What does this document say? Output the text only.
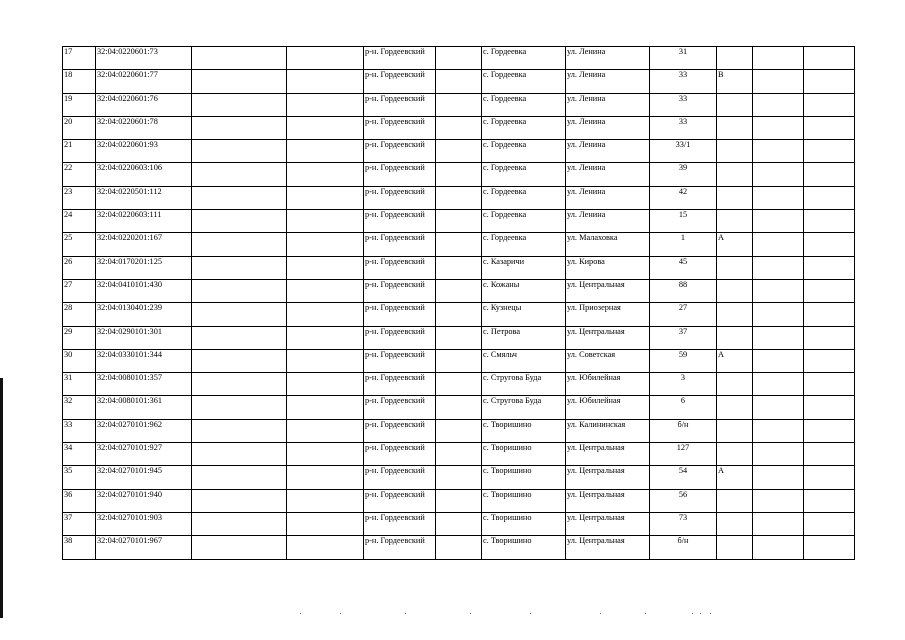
17	32:04:0220601:73			р-н. Гордеевский		с. Гордеевка	ул. Ленина	31			
18	32:04:0220601:77			р-н. Гордеевский		с. Гордеевка	ул. Ленина	33	В		
19	32:04:0220601:76			р-н. Гордеевский		с. Гордеевка	ул. Ленина	33			
20	32:04:0220601:78			р-н. Гордеевский		с. Гордеевка	ул. Ленина	33			
21	32:04:0220601:93			р-н. Гордеевский		с. Гордеевка	ул. Ленина	33/1			
22	32:04:0220603:106			р-н. Гордеевский		с. Гордеевка	ул. Ленина	39			
23	32:04:0220501:112			р-н. Гордеевский		с. Гордеевка	ул. Ленина	42			
24	32:04:0220603:111			р-н. Гордеевский		с. Гордеевка	ул. Ленина	15			
25	32:04:0220201:167			р-н. Гордеевский		с. Гордеевка	ул. Малаховка	1	А		
26	32:04:0170201:125			р-н. Гордеевский		с. Казаричи	ул. Кирова	45			
27	32:04:0410101:430			р-н. Гордеевский		с. Кожаны	ул. Центральная	88			
28	32:04:0130401:239			р-н. Гордеевский		с. Кузнецы	ул. Приозерная	27			
29	32:04:0290101:301			р-н. Гордеевский		с. Петрова	ул. Центральная	37			
30	32:04:0330101:344			р-н. Гордеевский		с. Смяльч	ул. Советская	59	А		
31	32:04:0080101:357			р-н. Гордеевский		с. Стругова Буда	ул. Юбилейная	3			
32	32:04:0080101:361			р-н. Гордеевский		с. Стругова Буда	ул. Юбилейная	6			
33	32:04:0270101:962			р-н. Гордеевский		с. Творишино	ул. Калининская	б/н			
34	32:04:0270101:927			р-н. Гордеевский		с. Творишино	ул. Центральная	127			
35	32:04:0270101:945			р-н. Гордеевский		с. Творишино	ул. Центральная	54	А		
36	32:04:0270101:940			р-н. Гордеевский		с. Творишино	ул. Центральная	56			
37	32:04:0270101:903			р-н. Гордеевский		с. Творишино	ул. Центральная	73			
38	32:04:0270101:967			р-н. Гордеевский		с. Творишино	ул. Центральная	б/н			
